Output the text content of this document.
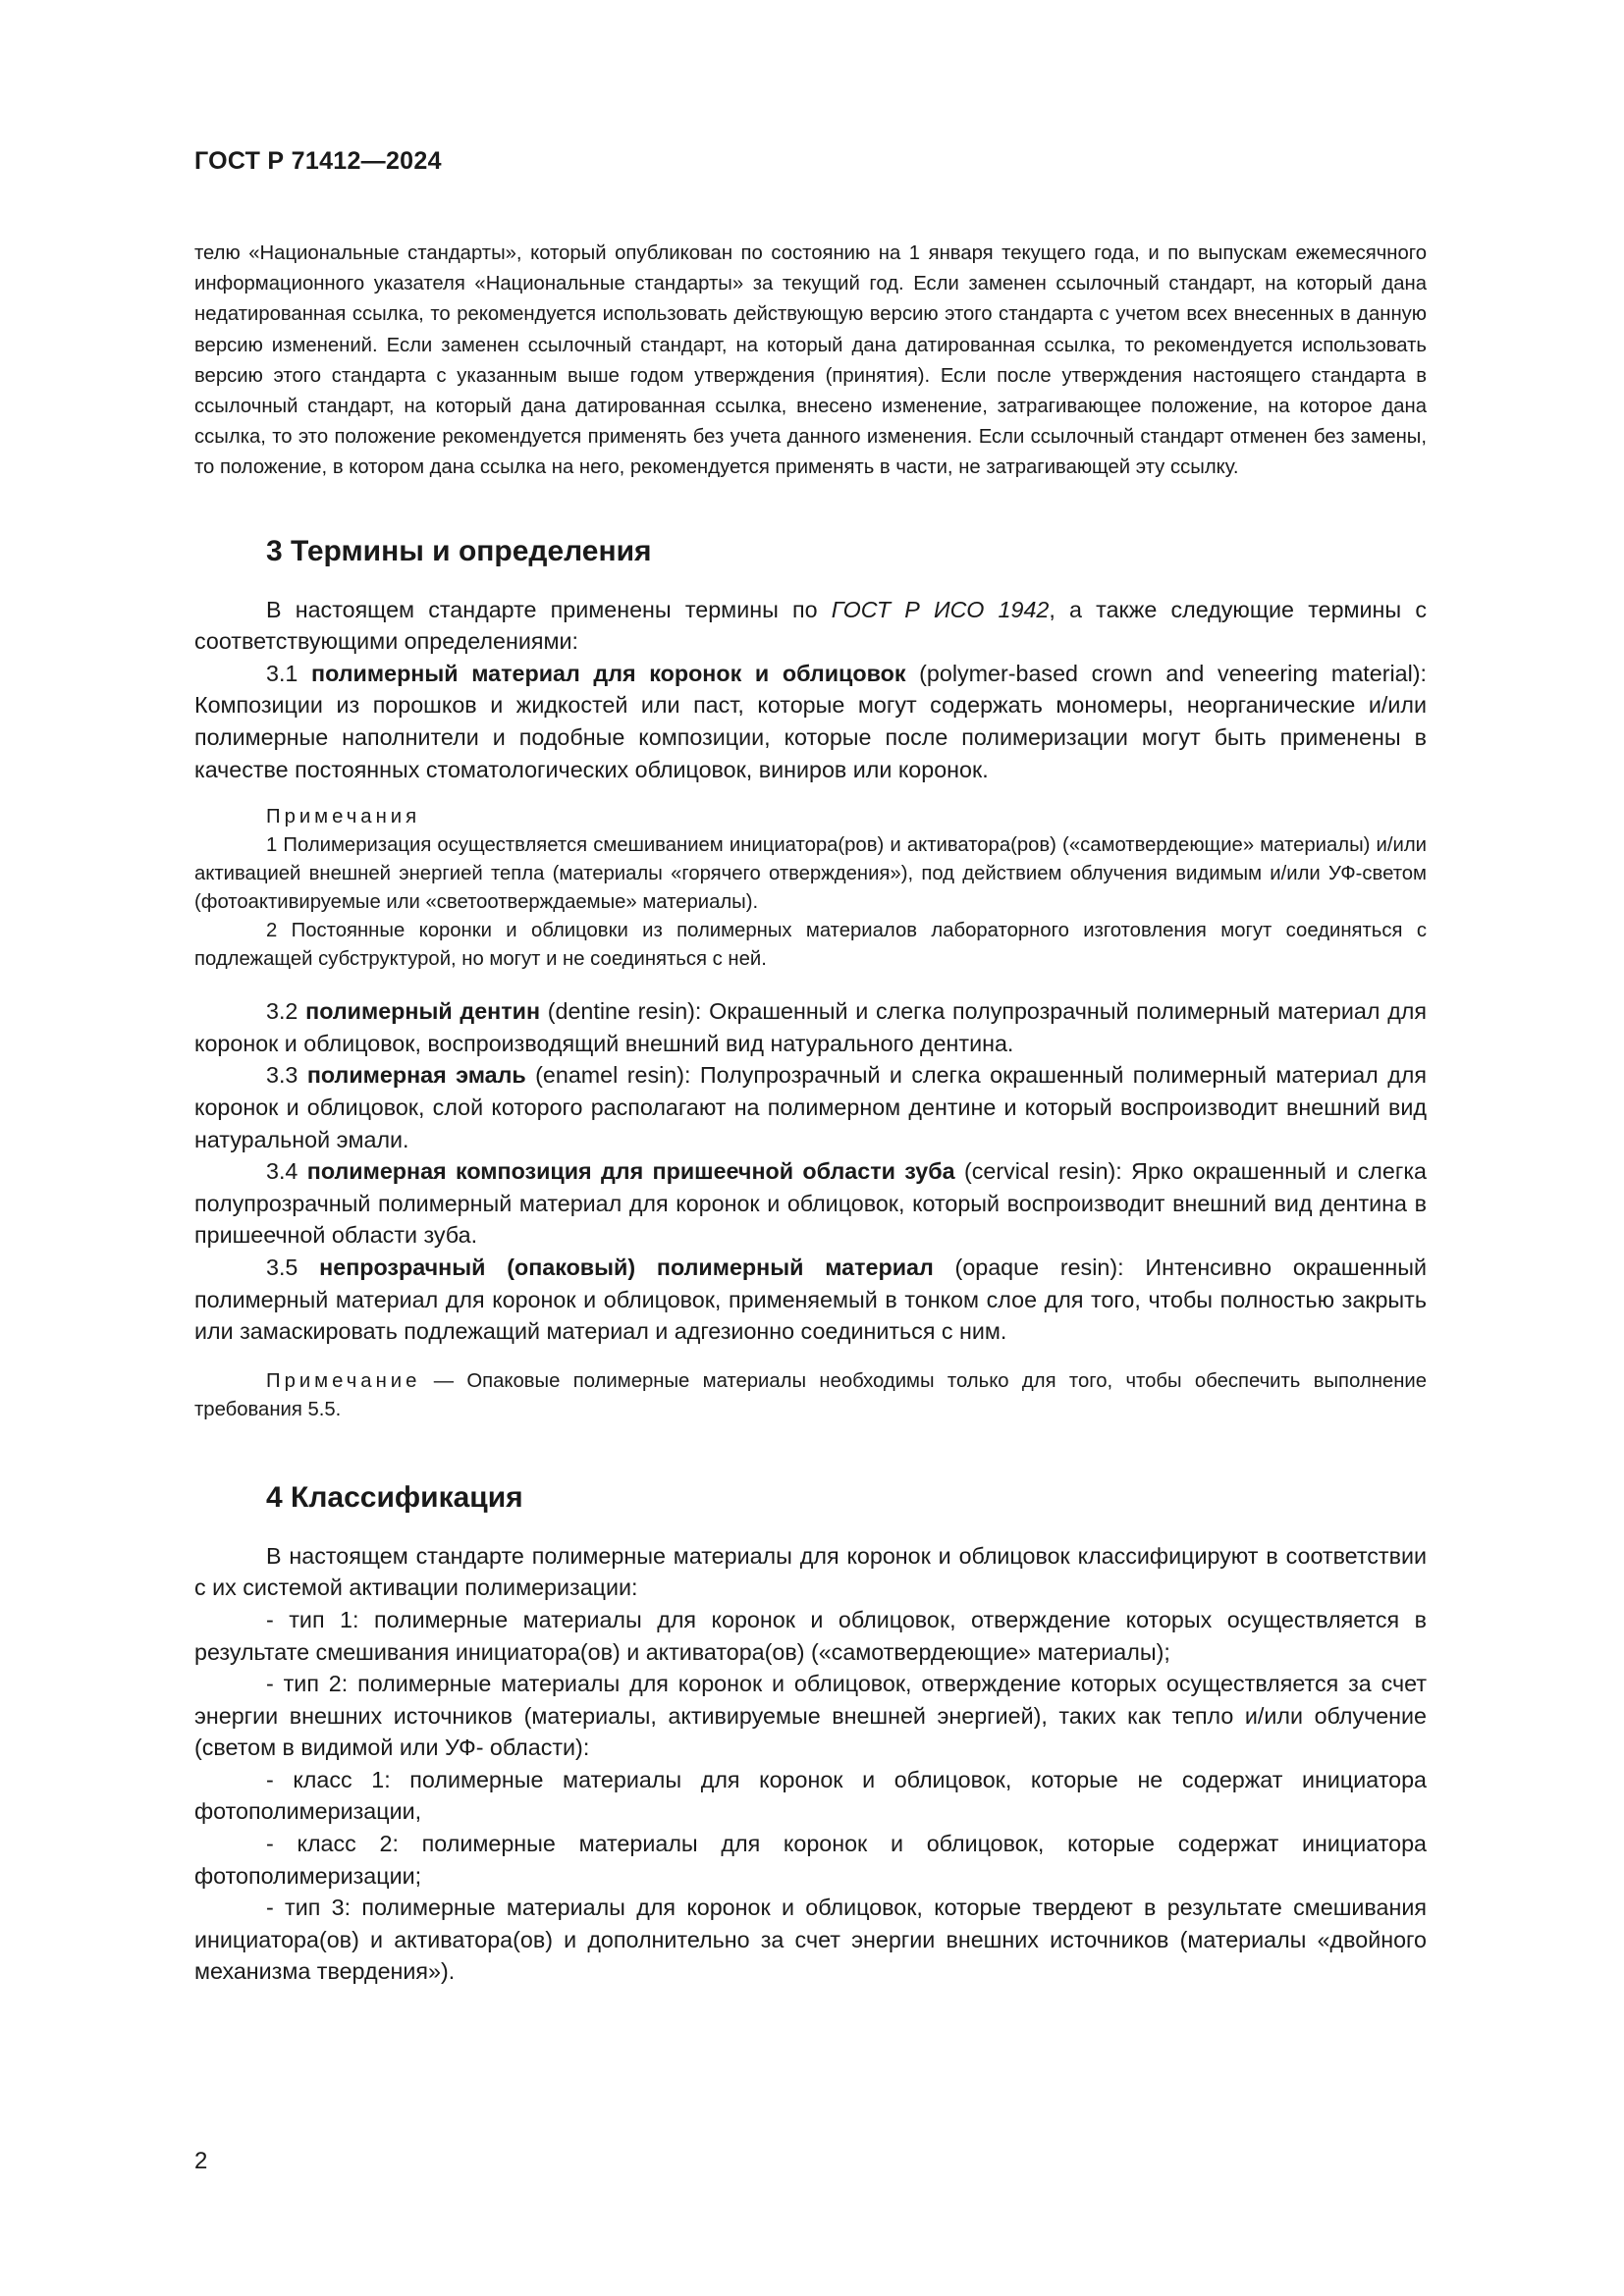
ГОСТ Р 71412—2024
телю «Национальные стандарты», который опубликован по состоянию на 1 января текущего года, и по выпускам ежемесячного информационного указателя «Национальные стандарты» за текущий год. Если заменен ссылочный стандарт, на который дана недатированная ссылка, то рекомендуется использовать действующую версию этого стандарта с учетом всех внесенных в данную версию изменений. Если заменен ссылочный стандарт, на который дана датированная ссылка, то рекомендуется использовать версию этого стандарта с указанным выше годом утверждения (принятия). Если после утверждения настоящего стандарта в ссылочный стандарт, на который дана датированная ссылка, внесено изменение, затрагивающее положение, на которое дана ссылка, то это положение рекомендуется применять без учета данного изменения. Если ссылочный стандарт отменен без замены, то положение, в котором дана ссылка на него, рекомендуется применять в части, не затрагивающей эту ссылку.
3 Термины и определения

В настоящем стандарте применены термины по ГОСТ Р ИСО 1942, а также следующие термины с соответствующими определениями:

3.1 полимерный материал для коронок и облицовок (polymer-based crown and veneering material): Композиции из порошков и жидкостей или паст, которые могут содержать мономеры, неорганические и/или полимерные наполнители и подобные композиции, которые после полимеризации могут быть применены в качестве постоянных стоматологических облицовок, виниров или коронок.

Примечания

1 Полимеризация осуществляется смешиванием инициатора(ров) и активатора(ров) («самотвердеющие» материалы) и/или активацией внешней энергией тепла (материалы «горячего отверждения»), под действием облучения видимым и/или УФ-светом (фотоактивируемые или «светоотверждаемые» материалы).

2 Постоянные коронки и облицовки из полимерных материалов лабораторного изготовления могут соединяться с подлежащей субструктурой, но могут и не соединяться с ней.

3.2 полимерный дентин (dentine resin): Окрашенный и слегка полупрозрачный полимерный материал для коронок и облицовок, воспроизводящий внешний вид натурального дентина.

3.3 полимерная эмаль (enamel resin): Полупрозрачный и слегка окрашенный полимерный материал для коронок и облицовок, слой которого располагают на полимерном дентине и который воспроизводит внешний вид натуральной эмали.

3.4 полимерная композиция для пришеечной области зуба (cervical resin): Ярко окрашенный и слегка полупрозрачный полимерный материал для коронок и облицовок, который воспроизводит внешний вид дентина в пришеечной области зуба.

3.5 непрозрачный (опаковый) полимерный материал (opaque resin): Интенсивно окрашенный полимерный материал для коронок и облицовок, применяемый в тонком слое для того, чтобы полностью закрыть или замаскировать подлежащий материал и адгезионно соединиться с ним.

Примечание — Опаковые полимерные материалы необходимы только для того, чтобы обеспечить выполнение требования 5.5.

4 Классификация

В настоящем стандарте полимерные материалы для коронок и облицовок классифицируют в соответствии с их системой активации полимеризации:

- тип 1: полимерные материалы для коронок и облицовок, отверждение которых осуществляется в результате смешивания инициатора(ов) и активатора(ов) («самотвердеющие» материалы);

- тип 2: полимерные материалы для коронок и облицовок, отверждение которых осуществляется за счет энергии внешних источников (материалы, активируемые внешней энергией), таких как тепло и/или облучение (светом в видимой или УФ- области):

- класс 1: полимерные материалы для коронок и облицовок, которые не содержат инициатора фотополимеризации,

- класс 2: полимерные материалы для коронок и облицовок, которые содержат инициатора фотополимеризации;

- тип 3: полимерные материалы для коронок и облицовок, которые твердеют в результате смешивания инициатора(ов) и активатора(ов) и дополнительно за счет энергии внешних источников (материалы «двойного механизма твердения»).

2
